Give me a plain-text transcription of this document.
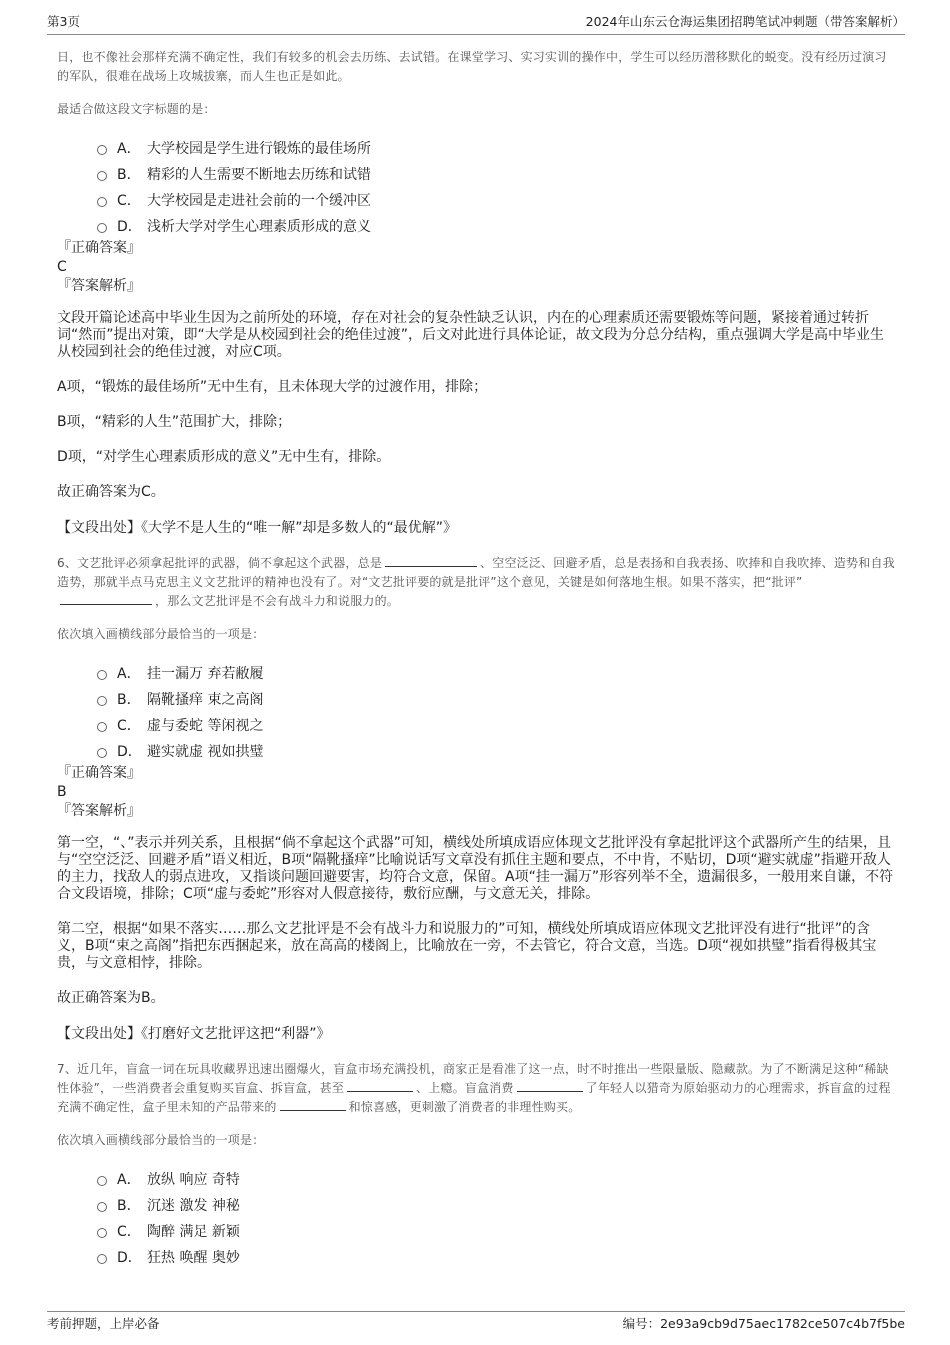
第3页	2024年山东云仓海运集团招聘笔试冲刺题（带答案解析）

日，也不像社会那样充满不确定性，我们有较多的机会去历练、去试错。在课堂学习、实习实训的操作中，学生可以经历潜移默化的蜕变。没有经历过演习的军队，很难在战场上攻城拔寨，而人生也正是如此。

最适合做这段文字标题的是：

A． 大学校园是学生进行锻炼的最佳场所
B． 精彩的人生需要不断地去历练和试错
C． 大学校园是走进社会前的一个缓冲区
D． 浅析大学对学生心理素质形成的意义

『正确答案』

C

『答案解析』

文段开篇论述高中毕业生因为之前所处的环境，存在对社会的复杂性缺乏认识，内在的心理素质还需要锻炼等问题，紧接着通过转折词“然而”提出对策，即“大学是从校园到社会的绝佳过渡”，后文对此进行具体论证，故文段为分总分结构，重点强调大学是高中毕业生从校园到社会的绝佳过渡，对应C项。

A项，“锻炼的最佳场所”无中生有，且未体现大学的过渡作用，排除；

B项，“精彩的人生”范围扩大，排除；

D项，“对学生心理素质形成的意义”无中生有，排除。

故正确答案为C。

【文段出处】《大学不是人生的“唯一解”却是多数人的“最优解”》

6、文艺批评必须拿起批评的武器，倘不拿起这个武器，总是	、空空泛泛、回避矛盾，总是表扬和自我表扬、吹捧和自我吹捧、造势和自我造势，那就半点马克思主义文艺批评的精神也没有了。对“文艺批评要的就是批评”这个意见，关键是如何落地生根。如果不落实，把“批评”，那么文艺批评是不会有战斗力和说服力的。

依次填入画横线部分最恰当的一项是：

A． 挂一漏万 弃若敝履
B． 隔靴搔痒 束之高阁
C． 虚与委蛇 等闲视之
D． 避实就虚 视如拱璧

『正确答案』

B

『答案解析』

第一空，“、”表示并列关系，且根据“倘不拿起这个武器”可知，横线处所填成语应体现文艺批评没有拿起批评这个武器所产生的结果，且与“空空泛泛、回避矛盾”语义相近，B项“隔靴搔痒”比喻说话写文章没有抓住主题和要点，不中肯，不贴切，D项“避实就虚”指避开敌人的主力，找敌人的弱点进攻，又指谈问题回避要害，均符合文意，保留。A项“挂一漏万”形容列举不全，遗漏很多，一般用来自谦，不符合文段语境，排除；C项“虚与委蛇”形容对人假意接待，敷衍应酬，与文意无关，排除。

第二空，根据“如果不落实……那么文艺批评是不会有战斗力和说服力的”可知，横线处所填成语应体现文艺批评没有进行“批评”的含义，B项“束之高阁”指把东西捆起来，放在高高的楼阁上，比喻放在一旁，不去管它，符合文意，当选。D项“视如拱璧”指看得极其宝贵，与文意相悖，排除。

故正确答案为B。

【文段出处】《打磨好文艺批评这把“利器”》

7、近几年，盲盒一词在玩具收藏界迅速出圈爆火，盲盒市场充满投机，商家正是看准了这一点，时不时推出一些限量版、隐藏款。为了不断满足这种“稀缺性体验”，一些消费者会重复购买盲盒、拆盲盒，甚至	、上瘾。盲盒消费	了年轻人以猎奇为原始驱动力的心理需求，拆盲盒的过程充满不确定性，盒子里未知的产品带来的	和惊喜感，更刺激了消费者的非理性购买。

依次填入画横线部分最恰当的一项是：

A． 放纵 响应 奇特
B． 沉迷 激发 神秘
C． 陶醉 满足 新颖
D． 狂热 唤醒 奥妙
考前押题，上岸必备	编号：2e93a9cb9d75aec1782ce507c4b7f5be
